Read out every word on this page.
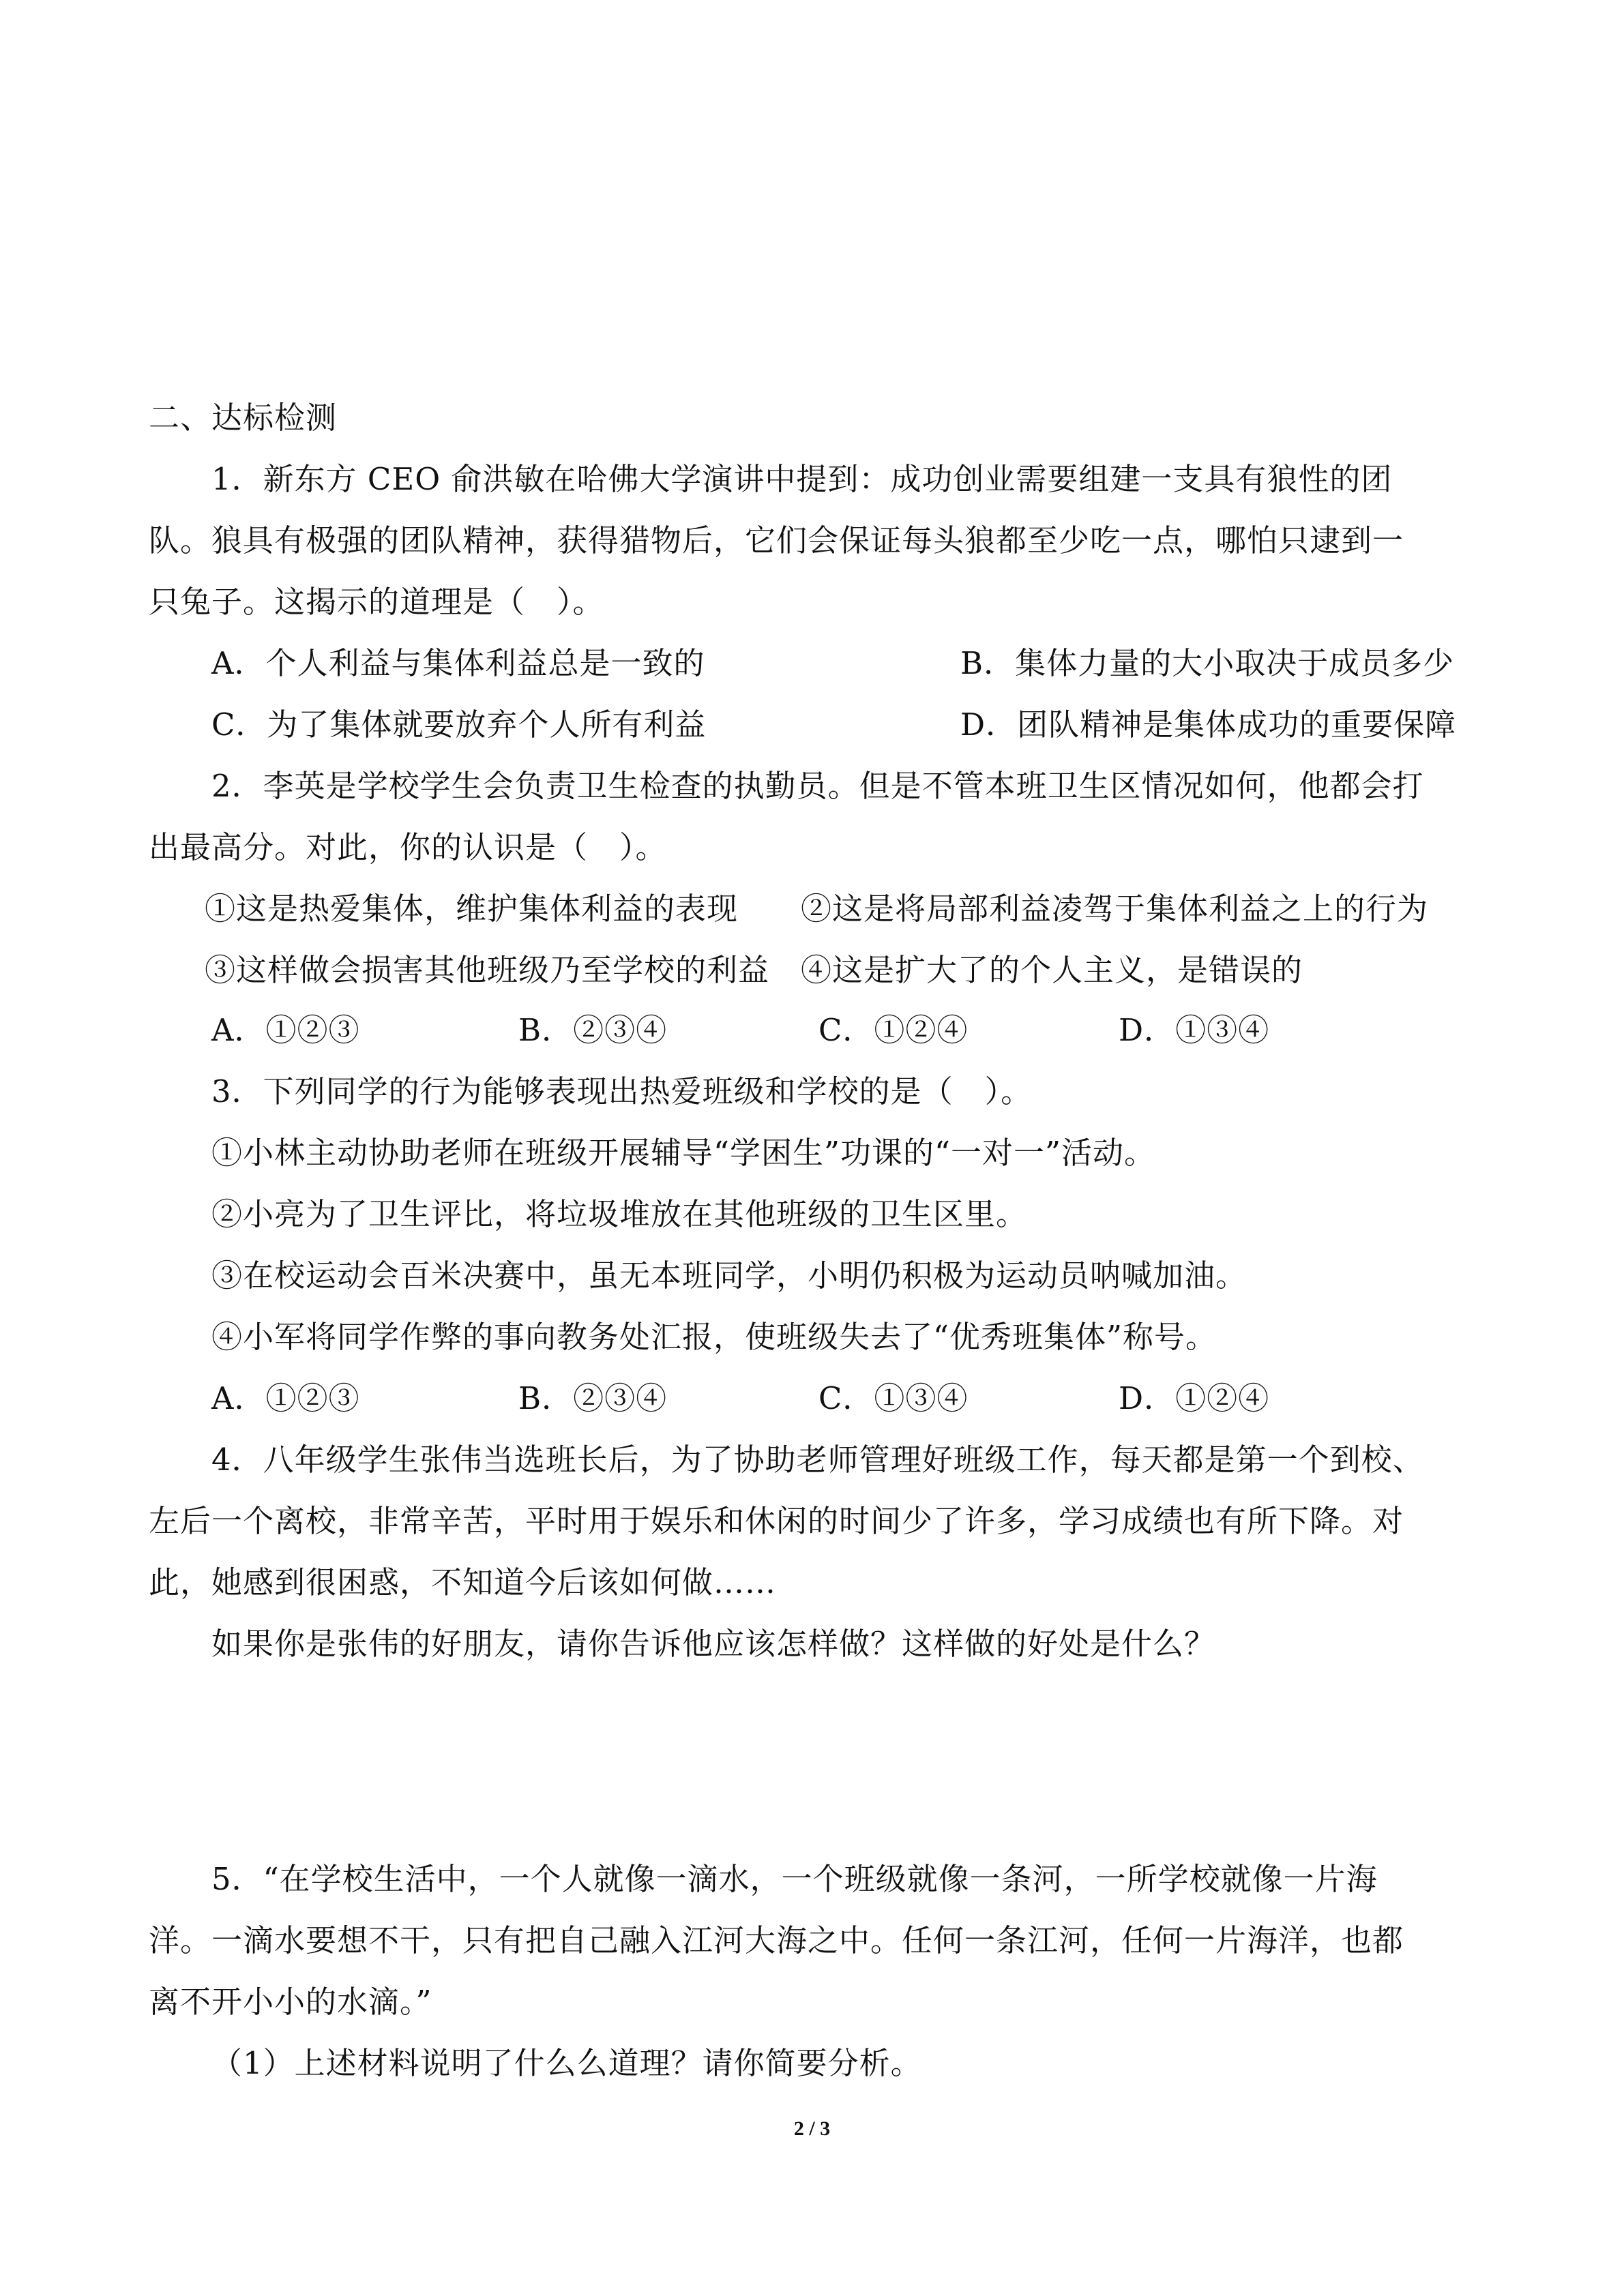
二、达标检测
1．新东方 CEO 俞洪敏在哈佛大学演讲中提到：成功创业需要组建一支具有狼性的团
队。狼具有极强的团队精神，获得猎物后，它们会保证每头狼都至少吃一点，哪怕只逮到一
只兔子。这揭示的道理是（　）。
A．个人利益与集体利益总是一致的	B．集体力量的大小取决于成员多少
C．为了集体就要放弃个人所有利益	D．团队精神是集体成功的重要保障
2．李英是学校学生会负责卫生检查的执勤员。但是不管本班卫生区情况如何，他都会打
出最高分。对此，你的认识是（　）。
①这是热爱集体，维护集体利益的表现　　②这是将局部利益凌驾于集体利益之上的行为
③这样做会损害其他班级乃至学校的利益　④这是扩大了的个人主义，是错误的
A．①②③	B．②③④	C．①②④	D．①③④
3．下列同学的行为能够表现出热爱班级和学校的是（　）。
①小林主动协助老师在班级开展辅导“学困生”功课的“一对一”活动。
②小亮为了卫生评比，将垃圾堆放在其他班级的卫生区里。
③在校运动会百米决赛中，虽无本班同学，小明仍积极为运动员呐喊加油。
④小军将同学作弊的事向教务处汇报，使班级失去了“优秀班集体”称号。
A．①②③	B．②③④	C．①③④	D．①②④
4．八年级学生张伟当选班长后，为了协助老师管理好班级工作，每天都是第一个到校、
左后一个离校，非常辛苦，平时用于娱乐和休闲的时间少了许多，学习成绩也有所下降。对
此，她感到很困惑，不知道今后该如何做……
如果你是张伟的好朋友，请你告诉他应该怎样做？这样做的好处是什么？
5．“在学校生活中，一个人就像一滴水，一个班级就像一条河，一所学校就像一片海
洋。一滴水要想不干，只有把自己融入江河大海之中。任何一条江河，任何一片海洋，也都
离不开小小的水滴。”
（1）上述材料说明了什么么道理？请你简要分析。
2 / 3
